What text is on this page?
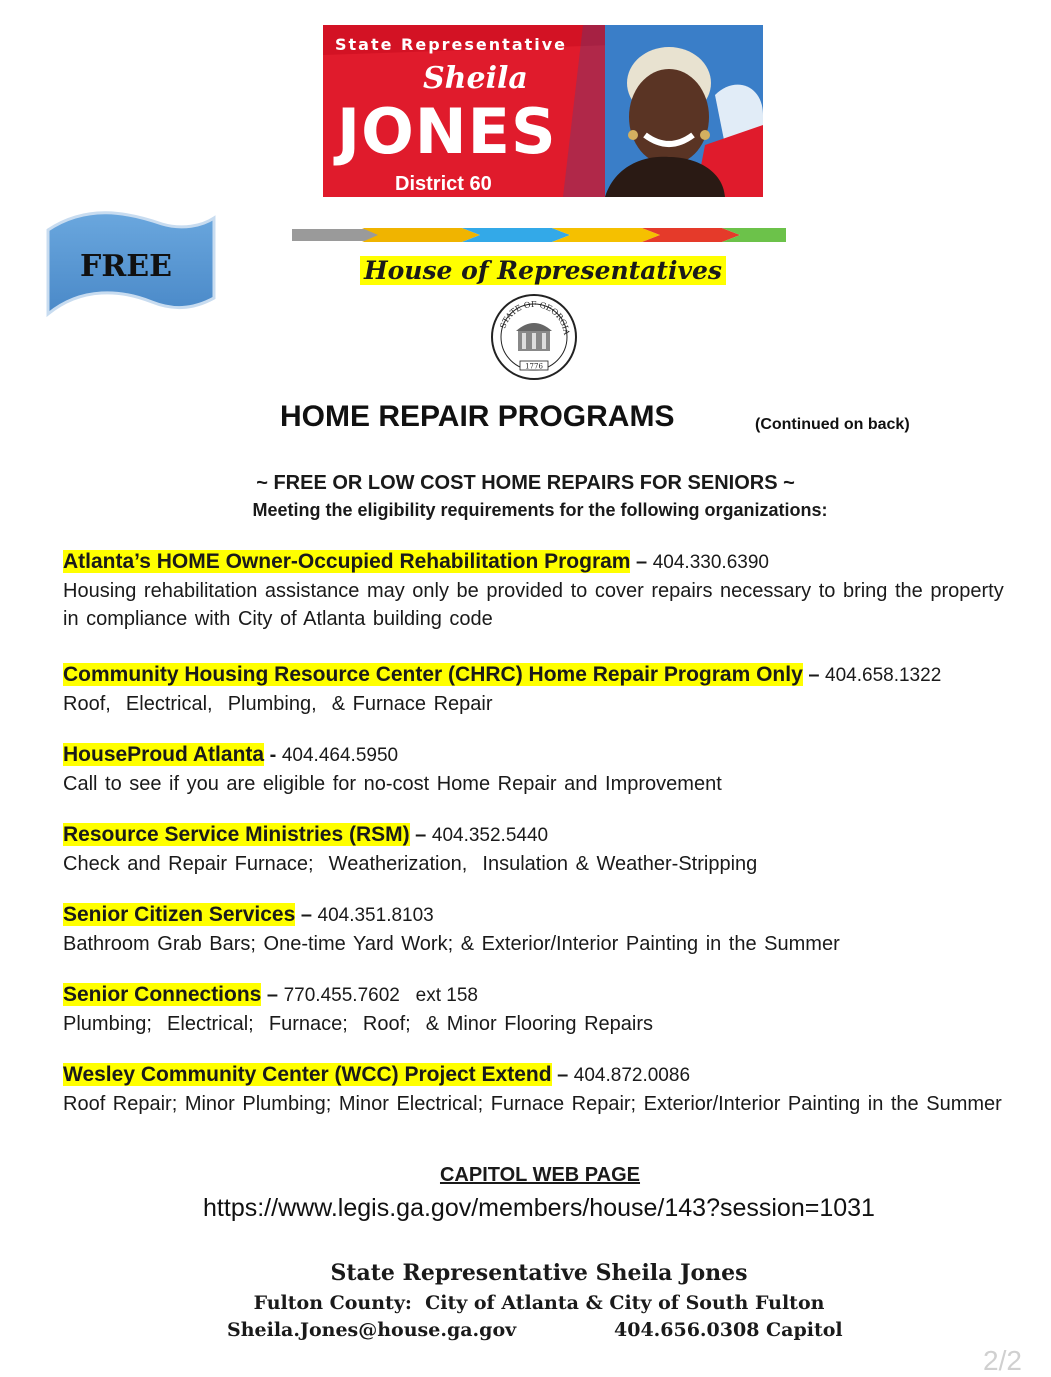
State Representative
Sheila
JONES
District 60
FREE	House of Representatives
STATE OF GEORGIA
1776
HOME REPAIR PROGRAMS	(Continued on back)
~ FREE OR LOW COST HOME REPAIRS FOR SENIORS ~
Meeting the eligibility requirements for the following organizations:
Atlanta’s HOME Owner-Occupied Rehabilitation Program – 404.330.6390
Housing rehabilitation assistance may only be provided to cover repairs necessary to bring the property in compliance with City of Atlanta building code
Community Housing Resource Center (CHRC) Home Repair Program Only – 404.658.1322
Roof,  Electrical,  Plumbing,  & Furnace Repair
HouseProud Atlanta - 404.464.5950
Call to see if you are eligible for no-cost Home Repair and Improvement
Resource Service Ministries (RSM) – 404.352.5440
Check and Repair Furnace;  Weatherization,  Insulation & Weather-Stripping
Senior Citizen Services – 404.351.8103
Bathroom Grab Bars; One-time Yard Work; & Exterior/Interior Painting in the Summer
Senior Connections – 770.455.7602   ext 158
Plumbing;  Electrical;  Furnace;  Roof;  & Minor Flooring Repairs
Wesley Community Center (WCC) Project Extend – 404.872.0086
Roof Repair; Minor Plumbing; Minor Electrical; Furnace Repair; Exterior/Interior Painting in the Summer
CAPITOL WEB PAGE
https://www.legis.ga.gov/members/house/143?session=1031
State Representative Sheila Jones
Fulton County:  City of Atlanta & City of South Fulton
Sheila.Jones@house.ga.gov	404.656.0308 Capitol
2/2
